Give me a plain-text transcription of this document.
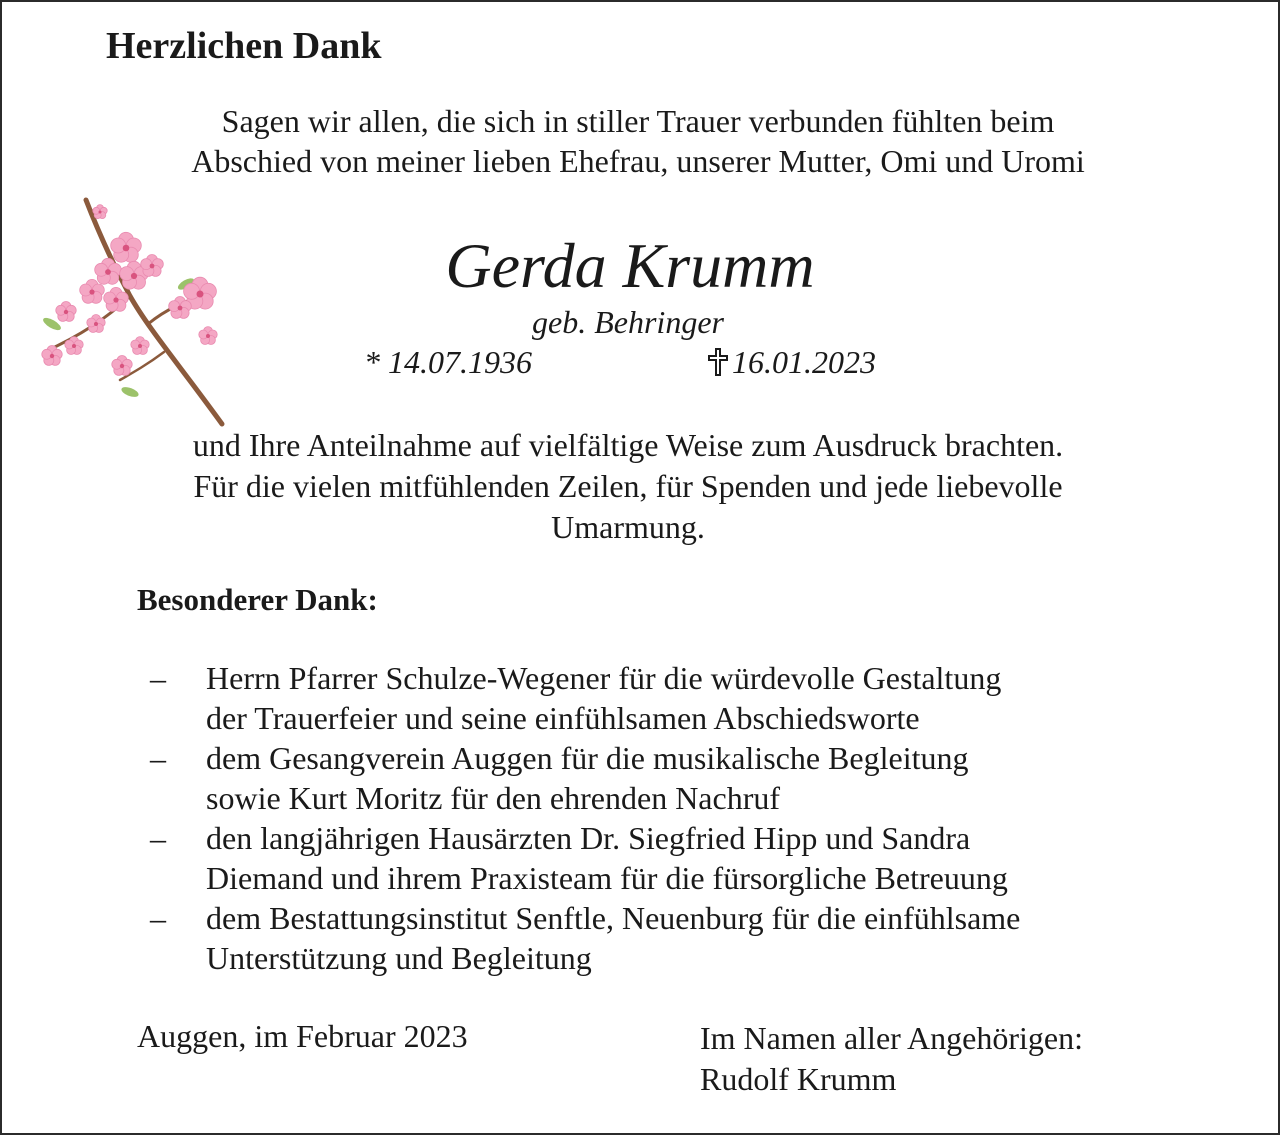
Herzlichen Dank
Sagen wir allen, die sich in stiller Trauer verbunden fühlten beim
Abschied von meiner lieben Ehefrau, unserer Mutter, Omi und Uromi
Gerda Krumm
geb. Behringer
* 14.07.1936	16.01.2023
und Ihre Anteilnahme auf vielfältige Weise zum Ausdruck brachten.
Für die vielen mitfühlenden Zeilen, für Spenden und jede liebevolle
Umarmung.
Besonderer Dank:
– Herrn Pfarrer Schulze-Wegener für die würdevolle Gestaltung
der Trauerfeier und seine einfühlsamen Abschiedsworte
– dem Gesangverein Auggen für die musikalische Begleitung
sowie Kurt Moritz für den ehrenden Nachruf
– den langjährigen Hausärzten Dr. Siegfried Hipp und Sandra
Diemand und ihrem Praxisteam für die fürsorgliche Betreuung
– dem Bestattungsinstitut Senftle, Neuenburg für die einfühlsame
Unterstützung und Begleitung
Auggen, im Februar 2023	Im Namen aller Angehörigen:
Rudolf Krumm
